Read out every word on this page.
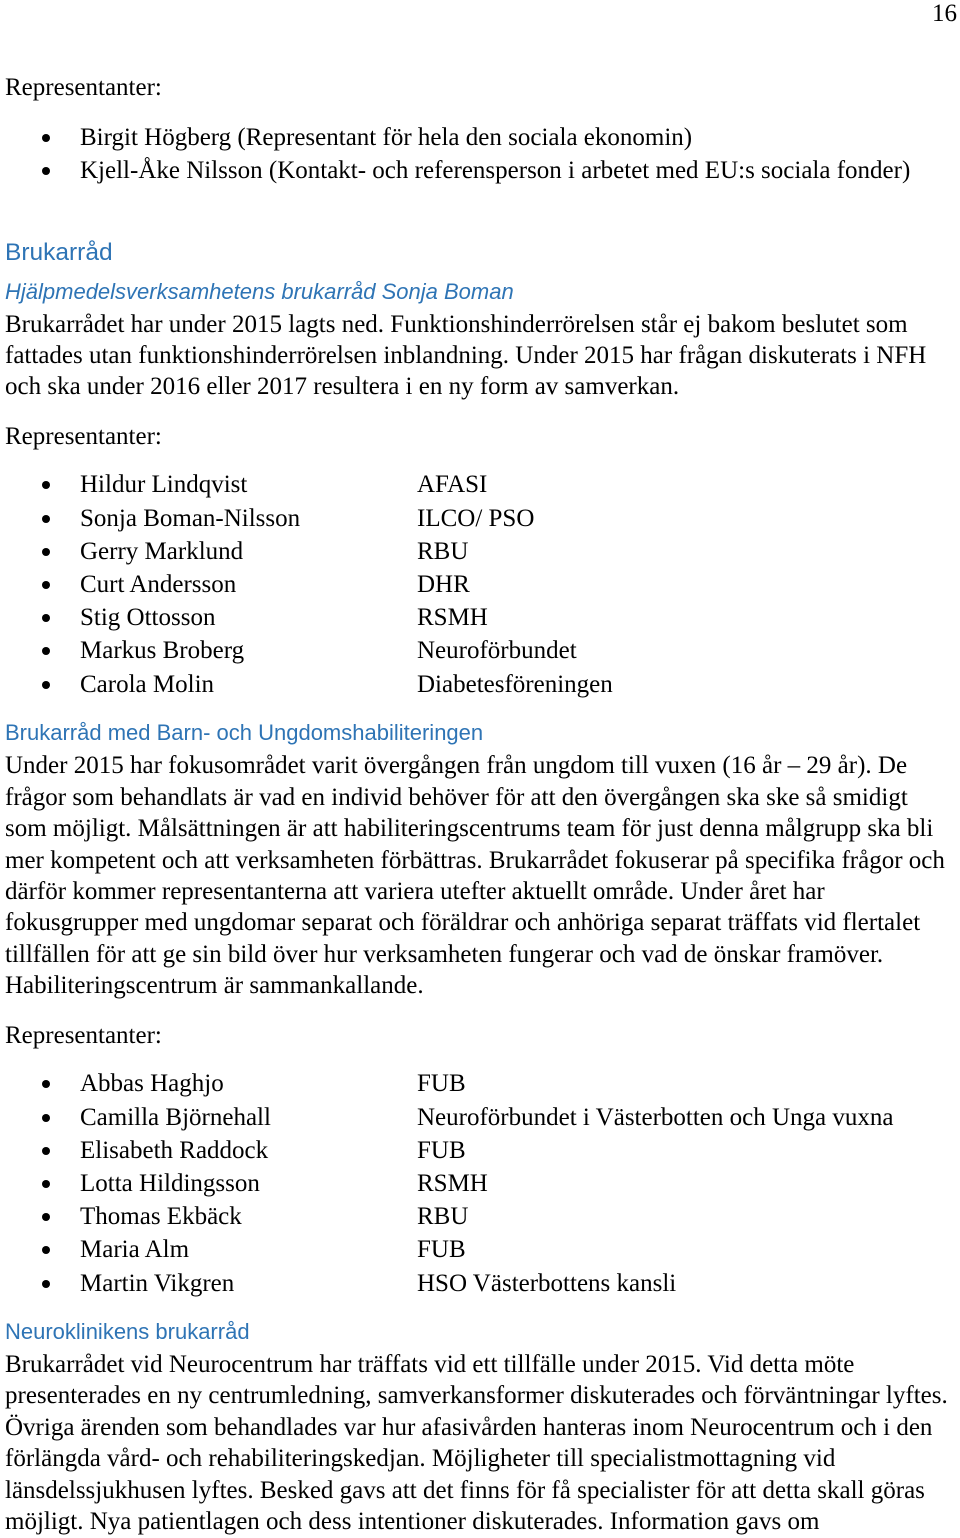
16
Representanter:
Birgit Högberg (Representant för hela den sociala ekonomin)
Kjell-Åke Nilsson (Kontakt- och referensperson i arbetet med EU:s sociala fonder)
Brukarråd
Hjälpmedelsverksamhetens brukarråd Sonja Boman
Brukarrådet har under 2015 lagts ned. Funktionshinderrörelsen står ej bakom beslutet som
fattades utan funktionshinderrörelsen inblandning. Under 2015 har frågan diskuterats i NFH
och ska under 2016 eller 2017 resultera i en ny form av samverkan.
Representanter:
Hildur Lindqvist	AFASI
Sonja Boman-Nilsson	ILCO/ PSO
Gerry Marklund	RBU
Curt Andersson	DHR
Stig Ottosson	RSMH
Markus Broberg	Neuroförbundet
Carola Molin	Diabetesföreningen
Brukarråd med Barn- och Ungdomshabiliteringen
Under 2015 har fokusområdet varit övergången från ungdom till vuxen (16 år – 29 år). De
frågor som behandlats är vad en individ behöver för att den övergången ska ske så smidigt
som möjligt. Målsättningen är att habiliteringscentrums team för just denna målgrupp ska bli
mer kompetent och att verksamheten förbättras. Brukarrådet fokuserar på specifika frågor och
därför kommer representanterna att variera utefter aktuellt område. Under året har
fokusgrupper med ungdomar separat och föräldrar och anhöriga separat träffats vid flertalet
tillfällen för att ge sin bild över hur verksamheten fungerar och vad de önskar framöver.
Habiliteringscentrum är sammankallande.
Representanter:
Abbas Haghjo	FUB
Camilla Björnehall	Neuroförbundet i Västerbotten och Unga vuxna
Elisabeth Raddock	FUB
Lotta Hildingsson	RSMH
Thomas Ekbäck	RBU
Maria Alm	FUB
Martin Vikgren	HSO Västerbottens kansli
Neuroklinikens brukarråd
Brukarrådet vid Neurocentrum har träffats vid ett tillfälle under 2015. Vid detta möte
presenterades en ny centrumledning, samverkansformer diskuterades och förväntningar lyftes.
Övriga ärenden som behandlades var hur afasivården hanteras inom Neurocentrum och i den
förlängda vård- och rehabiliteringskedjan. Möjligheter till specialistmottagning vid
länsdelssjukhusen lyftes. Besked gavs att det finns för få specialister för att detta skall göras
möjligt. Nya patientlagen och dess intentioner diskuterades. Information gavs om
